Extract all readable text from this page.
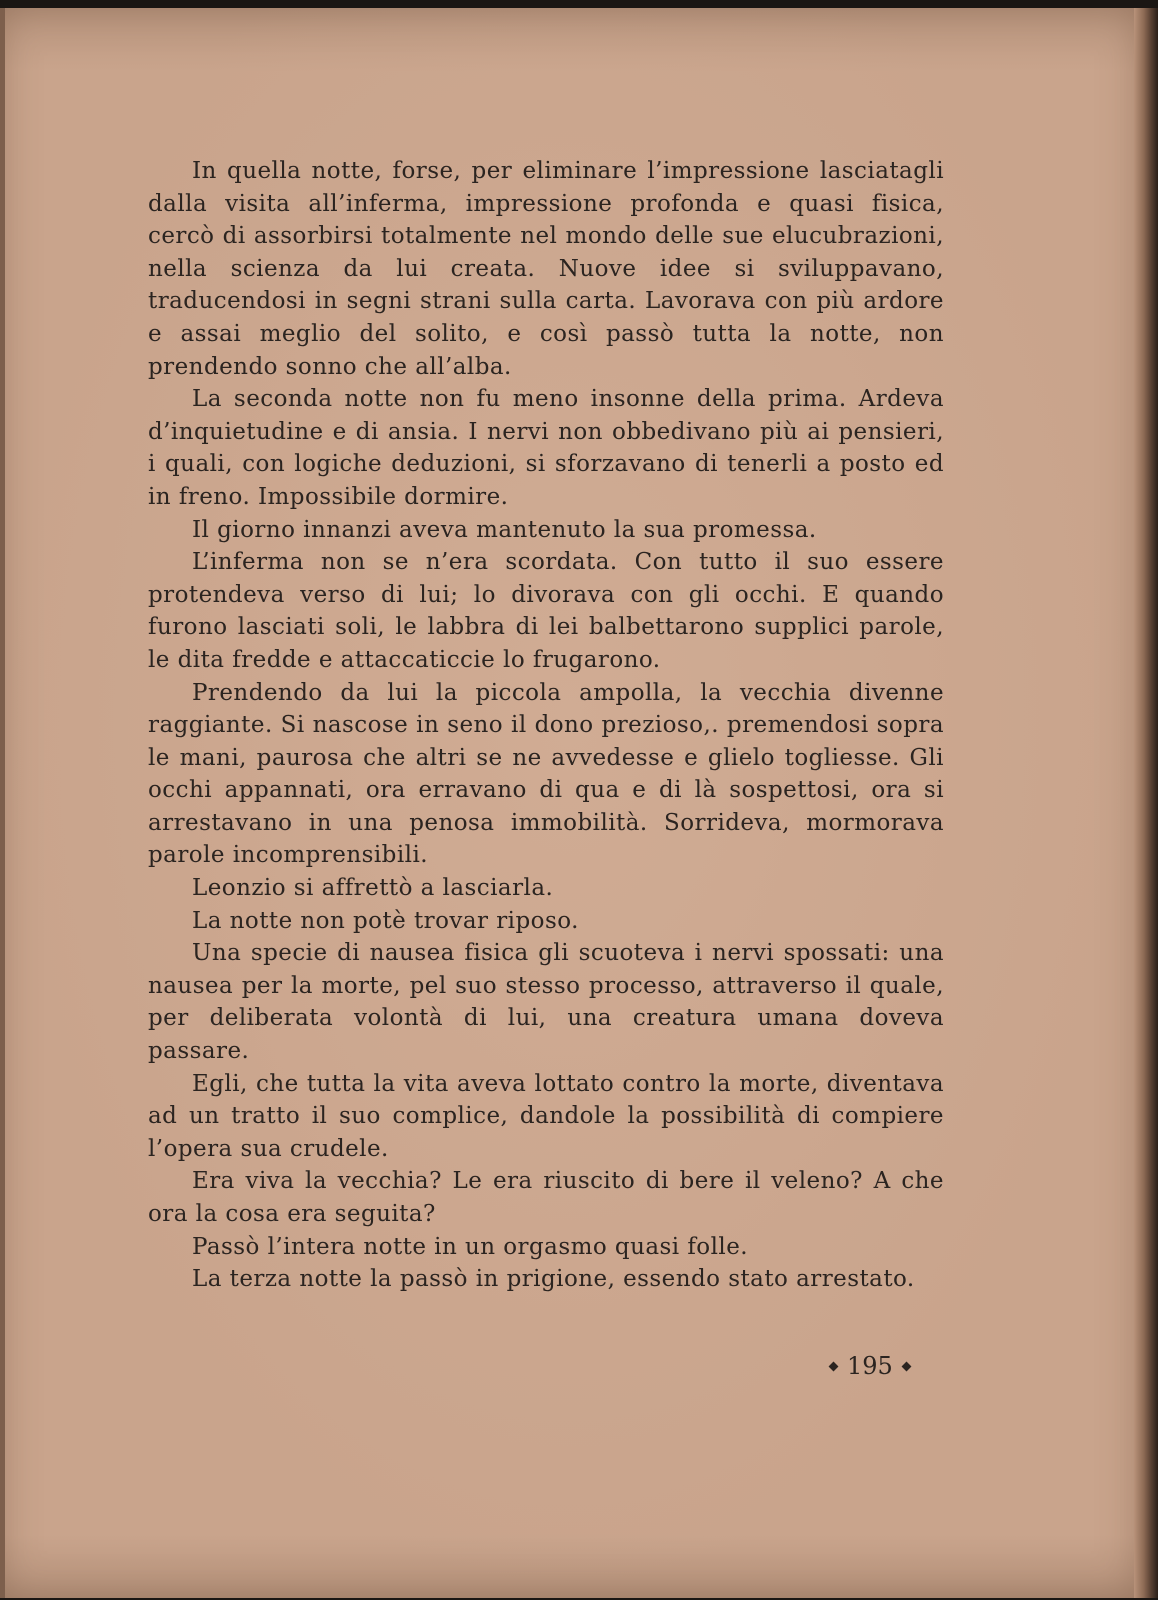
In quella notte, forse, per eliminare l’impressione lasciatagli dalla visita all’inferma, impressione profonda e quasi fisica, cercò di assorbirsi totalmente nel mondo delle sue elucubrazioni, nella scienza da lui creata. Nuove idee si sviluppavano, traducendosi in segni strani sulla carta. Lavorava con più ardore e assai meglio del solito, e così passò tutta la notte, non prendendo sonno che all’alba.

La seconda notte non fu meno insonne della prima. Ardeva d’inquietudine e di ansia. I nervi non obbedivano più ai pensieri, i quali, con logiche deduzioni, si sforzavano di tenerli a posto ed in freno. Impossibile dormire.

Il giorno innanzi aveva mantenuto la sua promessa.

L’inferma non se n’era scordata. Con tutto il suo essere protendeva verso di lui; lo divorava con gli occhi. E quando furono lasciati soli, le labbra di lei balbettarono supplici parole, le dita fredde e attaccaticcie lo frugarono.

Prendendo da lui la piccola ampolla, la vecchia divenne raggiante. Si nascose in seno il dono prezioso,. premendosi sopra le mani, paurosa che altri se ne avvedesse e glielo togliesse. Gli occhi appannati, ora erravano di qua e di là sospettosi, ora si arrestavano in una penosa immobilità. Sorrideva, mormorava parole incomprensibili.

Leonzio si affrettò a lasciarla.

La notte non potè trovar riposo.

Una specie di nausea fisica gli scuoteva i nervi spossati: una nausea per la morte, pel suo stesso processo, attraverso il quale, per deliberata volontà di lui, una creatura umana doveva passare.

Egli, che tutta la vita aveva lottato contro la morte, diventava ad un tratto il suo complice, dandole la possibilità di compiere l’opera sua crudele.

Era viva la vecchia? Le era riuscito di bere il veleno? A che ora la cosa era seguita?

Passò l’intera notte in un orgasmo quasi folle.

La terza notte la passò in prigione, essendo stato arrestato.

195
